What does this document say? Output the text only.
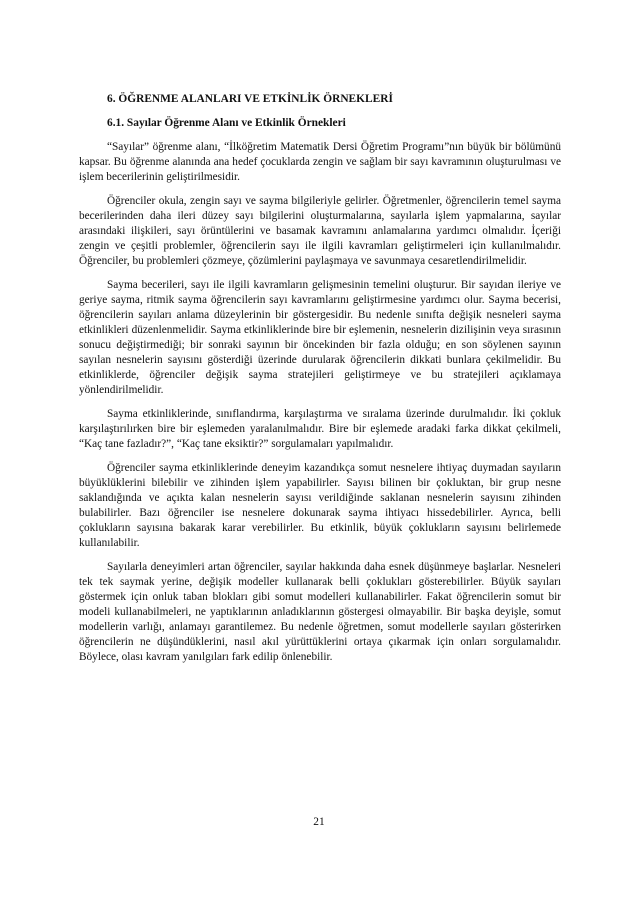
6. ÖĞRENME ALANLARI VE ETKİNLİK ÖRNEKLERİ

6.1. Sayılar Öğrenme Alanı ve Etkinlik Örnekleri

“Sayılar” öğrenme alanı, “İlköğretim Matematik Dersi Öğretim Programı”nın büyük bir bölümünü kapsar. Bu öğrenme alanında ana hedef çocuklarda zengin ve sağlam bir sayı kavramının oluşturulması ve işlem becerilerinin geliştirilmesidir.

Öğrenciler okula, zengin sayı ve sayma bilgileriyle gelirler. Öğretmenler, öğrencilerin temel sayma becerilerinden daha ileri düzey sayı bilgilerini oluşturmalarına, sayılarla işlem yapmalarına, sayılar arasındaki ilişkileri, sayı örüntülerini ve basamak kavramını anlamalarına yardımcı olmalıdır. İçeriği zengin ve çeşitli problemler, öğrencilerin sayı ile ilgili kavramları geliştirmeleri için kullanılmalıdır. Öğrenciler, bu problemleri çözmeye, çözümlerini paylaşmaya ve savunmaya cesaretlendirilmelidir.

Sayma becerileri, sayı ile ilgili kavramların gelişmesinin temelini oluşturur. Bir sayıdan ileriye ve geriye sayma, ritmik sayma öğrencilerin sayı kavramlarını geliştirmesine yardımcı olur. Sayma becerisi, öğrencilerin sayıları anlama düzeylerinin bir göstergesidir. Bu nedenle sınıfta değişik nesneleri sayma etkinlikleri düzenlenmelidir. Sayma etkinliklerinde bire bir eşlemenin, nesnelerin dizilişinin veya sırasının sonucu değiştirmediği; bir sonraki sayının bir öncekinden bir fazla olduğu; en son söylenen sayının sayılan nesnelerin sayısını gösterdiği üzerinde durularak öğrencilerin dikkati bunlara çekilmelidir. Bu etkinliklerde, öğrenciler değişik sayma stratejileri geliştirmeye ve bu stratejileri açıklamaya yönlendirilmelidir.

Sayma etkinliklerinde, sınıflandırma, karşılaştırma ve sıralama üzerinde durulmalıdır. İki çokluk karşılaştırılırken bire bir eşlemeden yaralanılmalıdır. Bire bir eşlemede aradaki farka dikkat çekilmeli, “Kaç tane fazladır?”, “Kaç tane eksiktir?” sorgulamaları yapılmalıdır.

Öğrenciler sayma etkinliklerinde deneyim kazandıkça somut nesnelere ihtiyaç duymadan sayıların büyüklüklerini bilebilir ve zihinden işlem yapabilirler. Sayısı bilinen bir çokluktan, bir grup nesne saklandığında ve açıkta kalan nesnelerin sayısı verildiğinde saklanan nesnelerin sayısını zihinden bulabilirler. Bazı öğrenciler ise nesnelere dokunarak sayma ihtiyacı hissedebilirler. Ayrıca, belli çoklukların sayısına bakarak karar verebilirler. Bu etkinlik, büyük çoklukların sayısını belirlemede kullanılabilir.

Sayılarla deneyimleri artan öğrenciler, sayılar hakkında daha esnek düşünmeye başlarlar. Nesneleri tek tek saymak yerine, değişik modeller kullanarak belli çoklukları gösterebilirler. Büyük sayıları göstermek için onluk taban blokları gibi somut modelleri kullanabilirler. Fakat öğrencilerin somut bir modeli kullanabilmeleri, ne yaptıklarının anladıklarının göstergesi olmayabilir. Bir başka deyişle, somut modellerin varlığı, anlamayı garantilemez. Bu nedenle öğretmen, somut modellerle sayıları gösterirken öğrencilerin ne düşündüklerini, nasıl akıl yürüttüklerini ortaya çıkarmak için onları sorgulamalıdır. Böylece, olası kavram yanılgıları fark edilip önlenebilir.

21
